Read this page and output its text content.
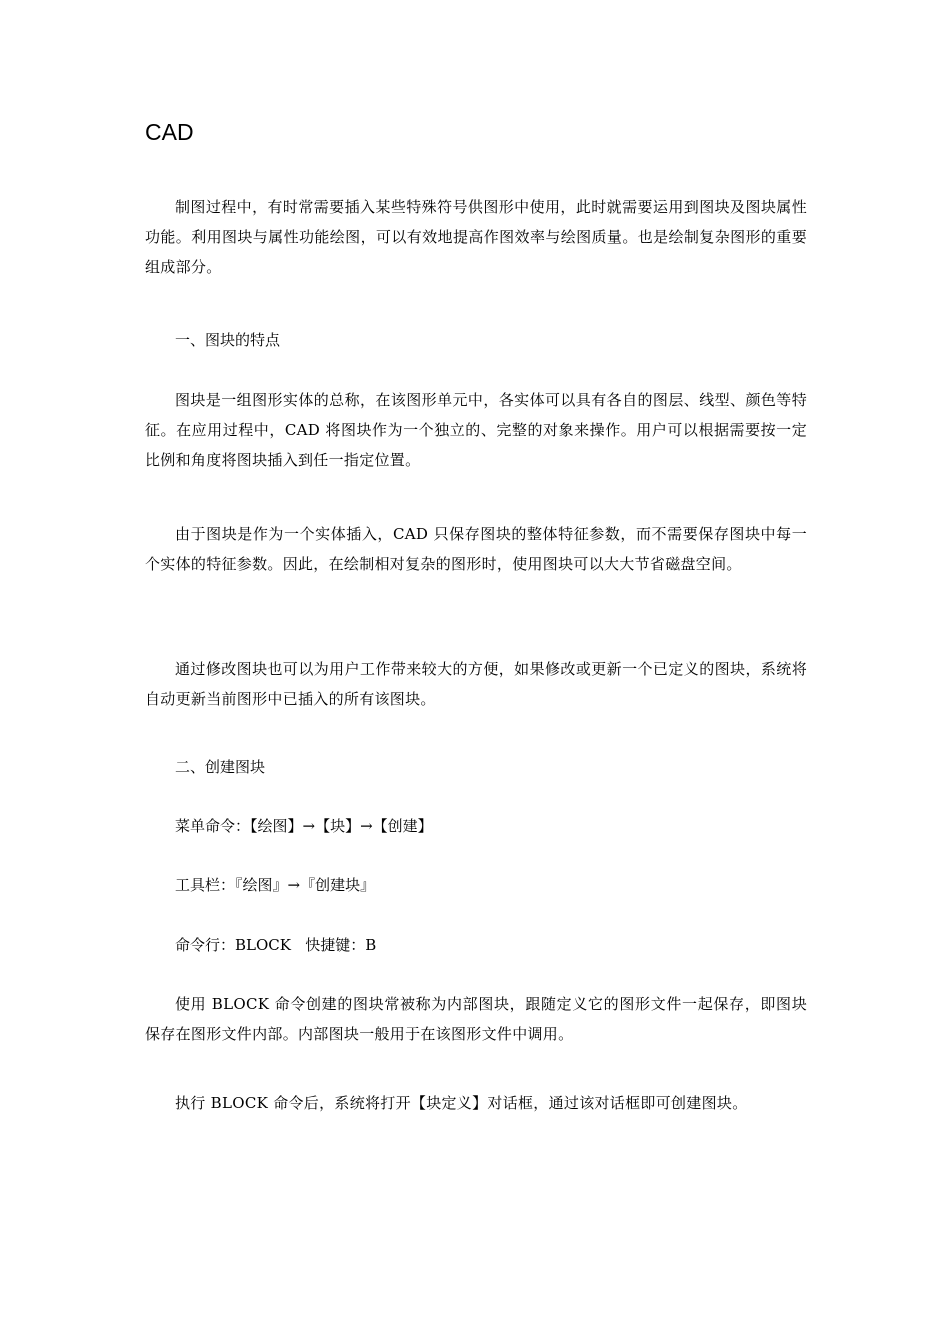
CAD

制图过程中，有时常需要插入某些特殊符号供图形中使用，此时就需要运用到图块及图块属性功能。利用图块与属性功能绘图，可以有效地提高作图效率与绘图质量。也是绘制复杂图形的重要组成部分。

一、图块的特点

图块是一组图形实体的总称，在该图形单元中，各实体可以具有各自的图层、线型、颜色等特征。在应用过程中，CAD 将图块作为一个独立的、完整的对象来操作。用户可以根据需要按一定比例和角度将图块插入到任一指定位置。

由于图块是作为一个实体插入，CAD 只保存图块的整体特征参数，而不需要保存图块中每一个实体的特征参数。因此，在绘制相对复杂的图形时，使用图块可以大大节省磁盘空间。

通过修改图块也可以为用户工作带来较大的方便，如果修改或更新一个已定义的图块，系统将自动更新当前图形中已插入的所有该图块。

二、创建图块

菜单命令：【绘图】→【块】→【创建】

工具栏：『绘图』→『创建块』

命令行：BLOCK   快捷键：B

使用 BLOCK 命令创建的图块常被称为内部图块，跟随定义它的图形文件一起保存，即图块保存在图形文件内部。内部图块一般用于在该图形文件中调用。

执行 BLOCK 命令后，系统将打开【块定义】对话框，通过该对话框即可创建图块。
